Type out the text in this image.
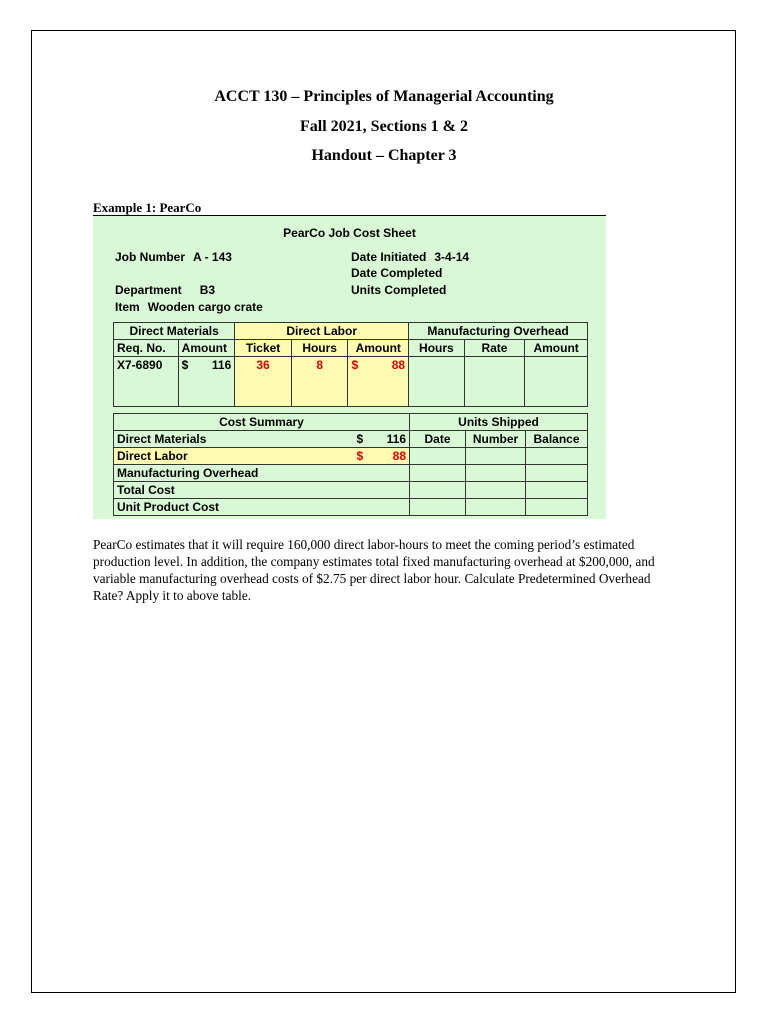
ACCT 130 – Principles of Managerial Accounting
Fall 2021, Sections 1 & 2
Handout – Chapter 3
Example 1: PearCo
PearCo Job Cost Sheet
Job Number A - 143	Date Initiated 3-4-14
Date Completed
Department B3	Units Completed
Item Wooden cargo crate
Direct Materials		Direct Labor			Manufacturing Overhead		
Req. No.	Amount	Ticket	Hours	Amount	Hours	Rate	Amount
X7-6890	$ 116	36	8	$ 88			

Cost Summary		Units Shipped		
Direct Materials	$ 116	Date	Number	Balance
Direct Labor	$ 88			

Manufacturing Overhead				
Total Cost				
Unit Product Cost				
PearCo estimates that it will require 160,000 direct labor-hours to meet the coming period’s estimated production level. In addition, the company estimates total fixed manufacturing overhead at $200,000, and variable manufacturing overhead costs of $2.75 per direct labor hour. Calculate Predetermined Overhead Rate? Apply it to above table.
